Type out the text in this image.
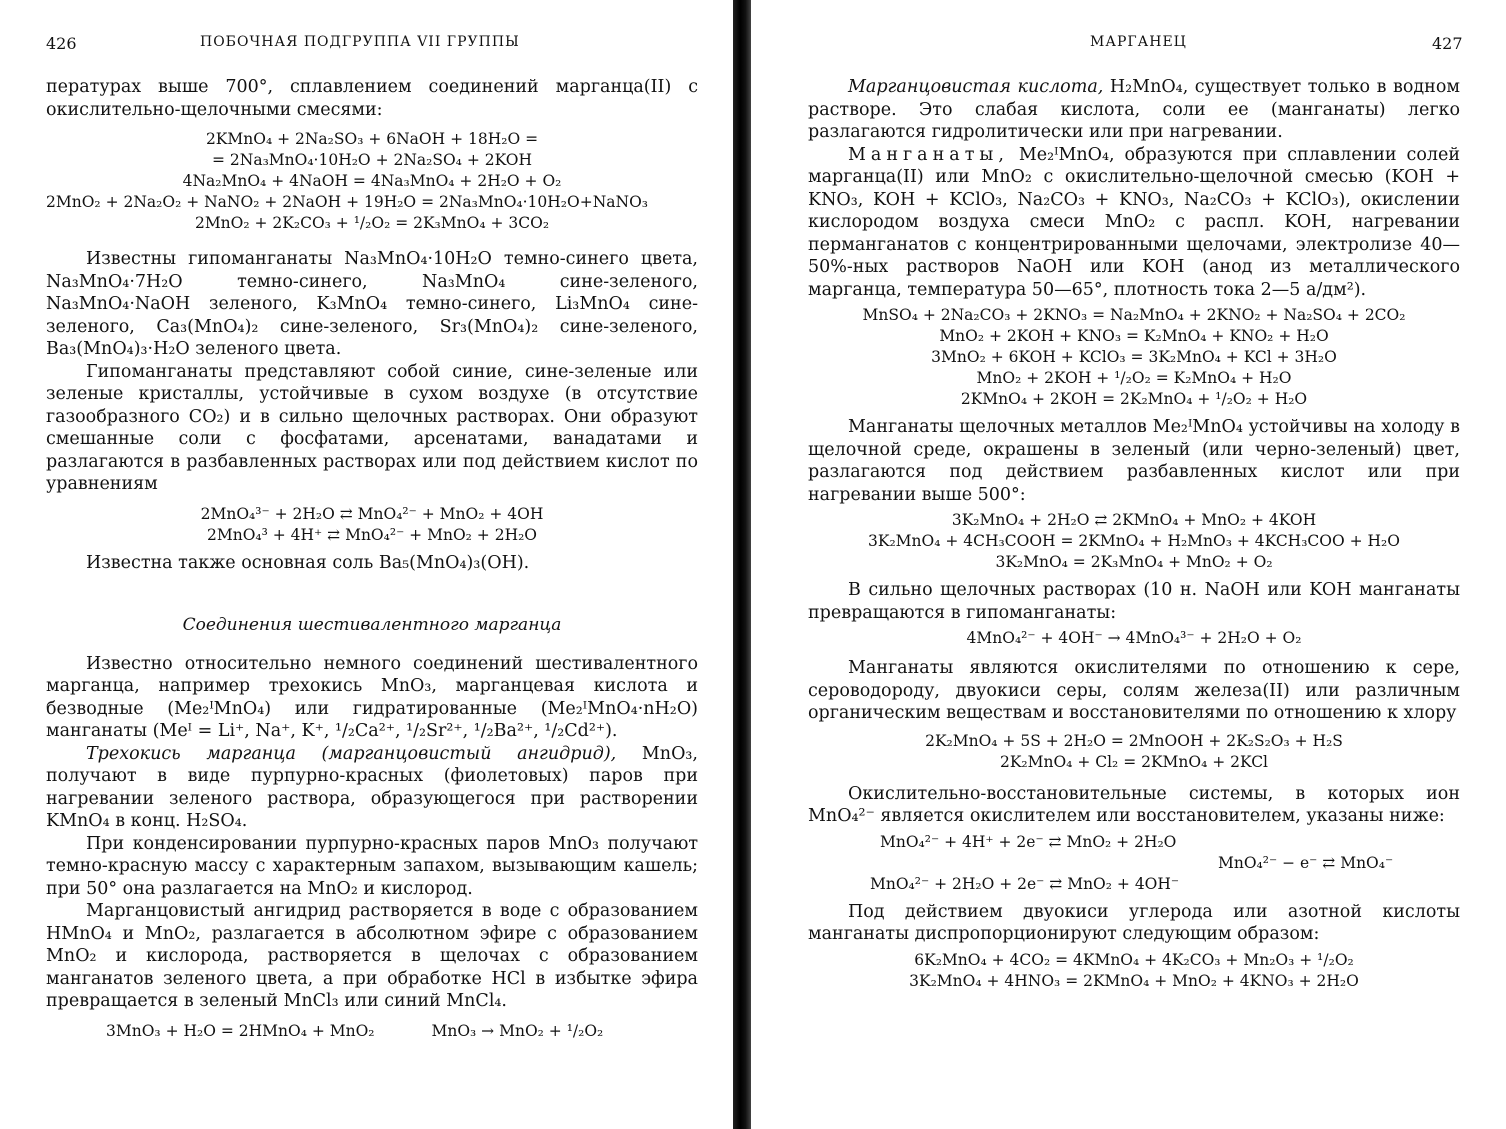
426	ПОБОЧНАЯ ПОДГРУППА VII ГРУППЫ

пературах выше 700°, сплавлением соединений марганца(II) с окислительно-щелочными смесями:

2KMnO₄ + 2Na₂SO₃ + 6NaOH + 18H₂O =
= 2Na₃MnO₄·10H₂O + 2Na₂SO₄ + 2KOH
4Na₂MnO₄ + 4NaOH = 4Na₃MnO₄ + 2H₂O + O₂
2MnO₂ + 2Na₂O₂ + NaNO₂ + 2NaOH + 19H₂O = 2Na₃MnO₄·10H₂O+NaNO₃
2MnO₂ + 2K₂CO₃ + ¹/₂O₂ = 2K₃MnO₄ + 3CO₂

Известны гипоманганаты Na₃MnO₄·10H₂O темно-синего цвета, Na₃MnO₄·7H₂O темно-синего, Na₃MnO₄ сине-зеленого, Na₃MnO₄·NaOH зеленого, K₃MnO₄ темно-синего, Li₃MnO₄ сине-зеленого, Ca₃(MnO₄)₂ сине-зеленого, Sr₃(MnO₄)₂ сине-зеленого, Ba₃(MnO₄)₃·H₂O зеленого цвета.

Гипоманганаты представляют собой синие, сине-зеленые или зеленые кристаллы, устойчивые в сухом воздухе (в отсутствие газообразного CO₂) и в сильно щелочных растворах. Они образуют смешанные соли с фосфатами, арсенатами, ванадатами и разлагаются в разбавленных растворах или под действием кислот по уравнениям

2MnO₄³⁻ + 2H₂O ⇄ MnO₄²⁻ + MnO₂ + 4OH
2MnO₄³ + 4H⁺ ⇄ MnO₄²⁻ + MnO₂ + 2H₂O

Известна также основная соль Ba₅(MnO₄)₃(OH).

Соединения шестивалентного марганца

Известно относительно немного соединений шестивалентного марганца, например трехокись MnO₃, марганцевая кислота и безводные (Me₂ᴵMnO₄) или гидратированные (Me₂ᴵMnO₄·nH₂O) манганаты (Meᴵ = Li⁺, Na⁺, K⁺, ¹/₂Ca²⁺, ¹/₂Sr²⁺, ¹/₂Ba²⁺, ¹/₂Cd²⁺).

Трехокись марганца (марганцовистый ангидрид), MnO₃, получают в виде пурпурно-красных (фиолетовых) паров при нагревании зеленого раствора, образующегося при растворении KMnO₄ в конц. H₂SO₄.

При конденсировании пурпурно-красных паров MnO₃ получают темно-красную массу с характерным запахом, вызывающим кашель; при 50° она разлагается на MnO₂ и кислород.

Марганцовистый ангидрид растворяется в воде с образованием HMnO₄ и MnO₂, разлагается в абсолютном эфире с образованием MnO₂ и кислорода, растворяется в щелочах с образованием манганатов зеленого цвета, а при обработке HCl в избытке эфира превращается в зеленый MnCl₃ или синий MnCl₄.

3MnO₃ + H₂O = 2HMnO₄ + MnO₂	MnO₃ → MnO₂ + ¹/₂O₂
МАРГАНЕЦ	427

Марганцовистая кислота, H₂MnO₄, существует только в водном растворе. Это слабая кислота, соли ее (манганаты) легко разлагаются гидролитически или при нагревании.

Манганаты, Me₂ᴵMnO₄, образуются при сплавлении солей марганца(II) или MnO₂ с окислительно-щелочной смесью (KOH + KNO₃, KOH + KClO₃, Na₂CO₃ + KNO₃, Na₂CO₃ + KClO₃), окислении кислородом воздуха смеси MnO₂ с распл. KOH, нагревании перманганатов с концентрированными щелочами, электролизе 40—50%-ных растворов NaOH или KOH (анод из металлического марганца, температура 50—65°, плотность тока 2—5 а/дм²).

MnSO₄ + 2Na₂CO₃ + 2KNO₃ = Na₂MnO₄ + 2KNO₂ + Na₂SO₄ + 2CO₂
MnO₂ + 2KOH + KNO₃ = K₂MnO₄ + KNO₂ + H₂O
3MnO₂ + 6KOH + KClO₃ = 3K₂MnO₄ + KCl + 3H₂O
MnO₂ + 2KOH + ¹/₂O₂ = K₂MnO₄ + H₂O
2KMnO₄ + 2KOH = 2K₂MnO₄ + ¹/₂O₂ + H₂O

Манганаты щелочных металлов Me₂ᴵMnO₄ устойчивы на холоду в щелочной среде, окрашены в зеленый (или черно-зеленый) цвет, разлагаются под действием разбавленных кислот или при нагревании выше 500°:

3K₂MnO₄ + 2H₂O ⇄ 2KMnO₄ + MnO₂ + 4KOH
3K₂MnO₄ + 4CH₃COOH = 2KMnO₄ + H₂MnO₃ + 4KCH₃COO + H₂O
3K₂MnO₄ = 2K₃MnO₄ + MnO₂ + O₂

В сильно щелочных растворах (10 н. NaOH или KOH манганаты превращаются в гипоманганаты:

4MnO₄²⁻ + 4OH⁻ → 4MnO₄³⁻ + 2H₂O + O₂

Манганаты являются окислителями по отношению к сере, сероводороду, двуокиси серы, солям железа(II) или различным органическим веществам и восстановителями по отношению к хлору

2K₂MnO₄ + 5S + 2H₂O = 2MnOOH + 2K₂S₂O₃ + H₂S
2K₂MnO₄ + Cl₂ = 2KMnO₄ + 2KCl

Окислительно-восстановительные системы, в которых ион MnO₄²⁻ является окислителем или восстановителем, указаны ниже:

MnO₄²⁻ + 4H⁺ + 2e⁻ ⇄ MnO₂ + 2H₂O
MnO₄²⁻ − e⁻ ⇄ MnO₄⁻
MnO₄²⁻ + 2H₂O + 2e⁻ ⇄ MnO₂ + 4OH⁻

Под действием двуокиси углерода или азотной кислоты манганаты диспропорционируют следующим образом:

6K₂MnO₄ + 4CO₂ = 4KMnO₄ + 4K₂CO₃ + Mn₂O₃ + ¹/₂O₂
3K₂MnO₄ + 4HNO₃ = 2KMnO₄ + MnO₂ + 4KNO₃ + 2H₂O
